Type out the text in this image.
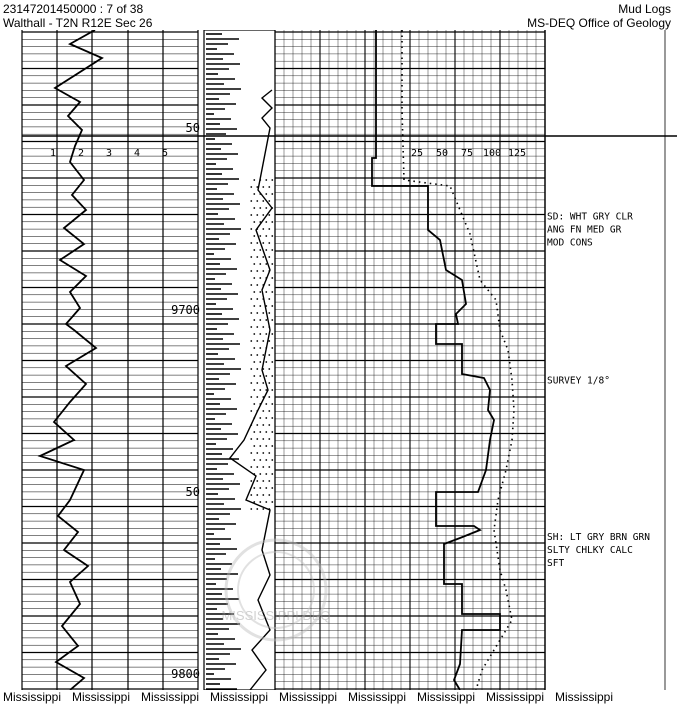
23147201450000 : 7 of 38
Walthall - T2N R12E Sec 26
Mud Logs
MS-DEQ Office of Geology
MISSISSIPPI DEQ
50
9700
50
9800
1 2 3 4 5	25 50 75 100 125
SD: WHT GRY CLR
ANG FN MED GR
MOD CONS
SURVEY 1/8°
SH: LT GRY BRN GRN
SLTY CHLKY CALC
SFT
Mississippi Mississippi Mississippi Mississippi Mississippi Mississippi Mississippi Mississippi Mississippi
